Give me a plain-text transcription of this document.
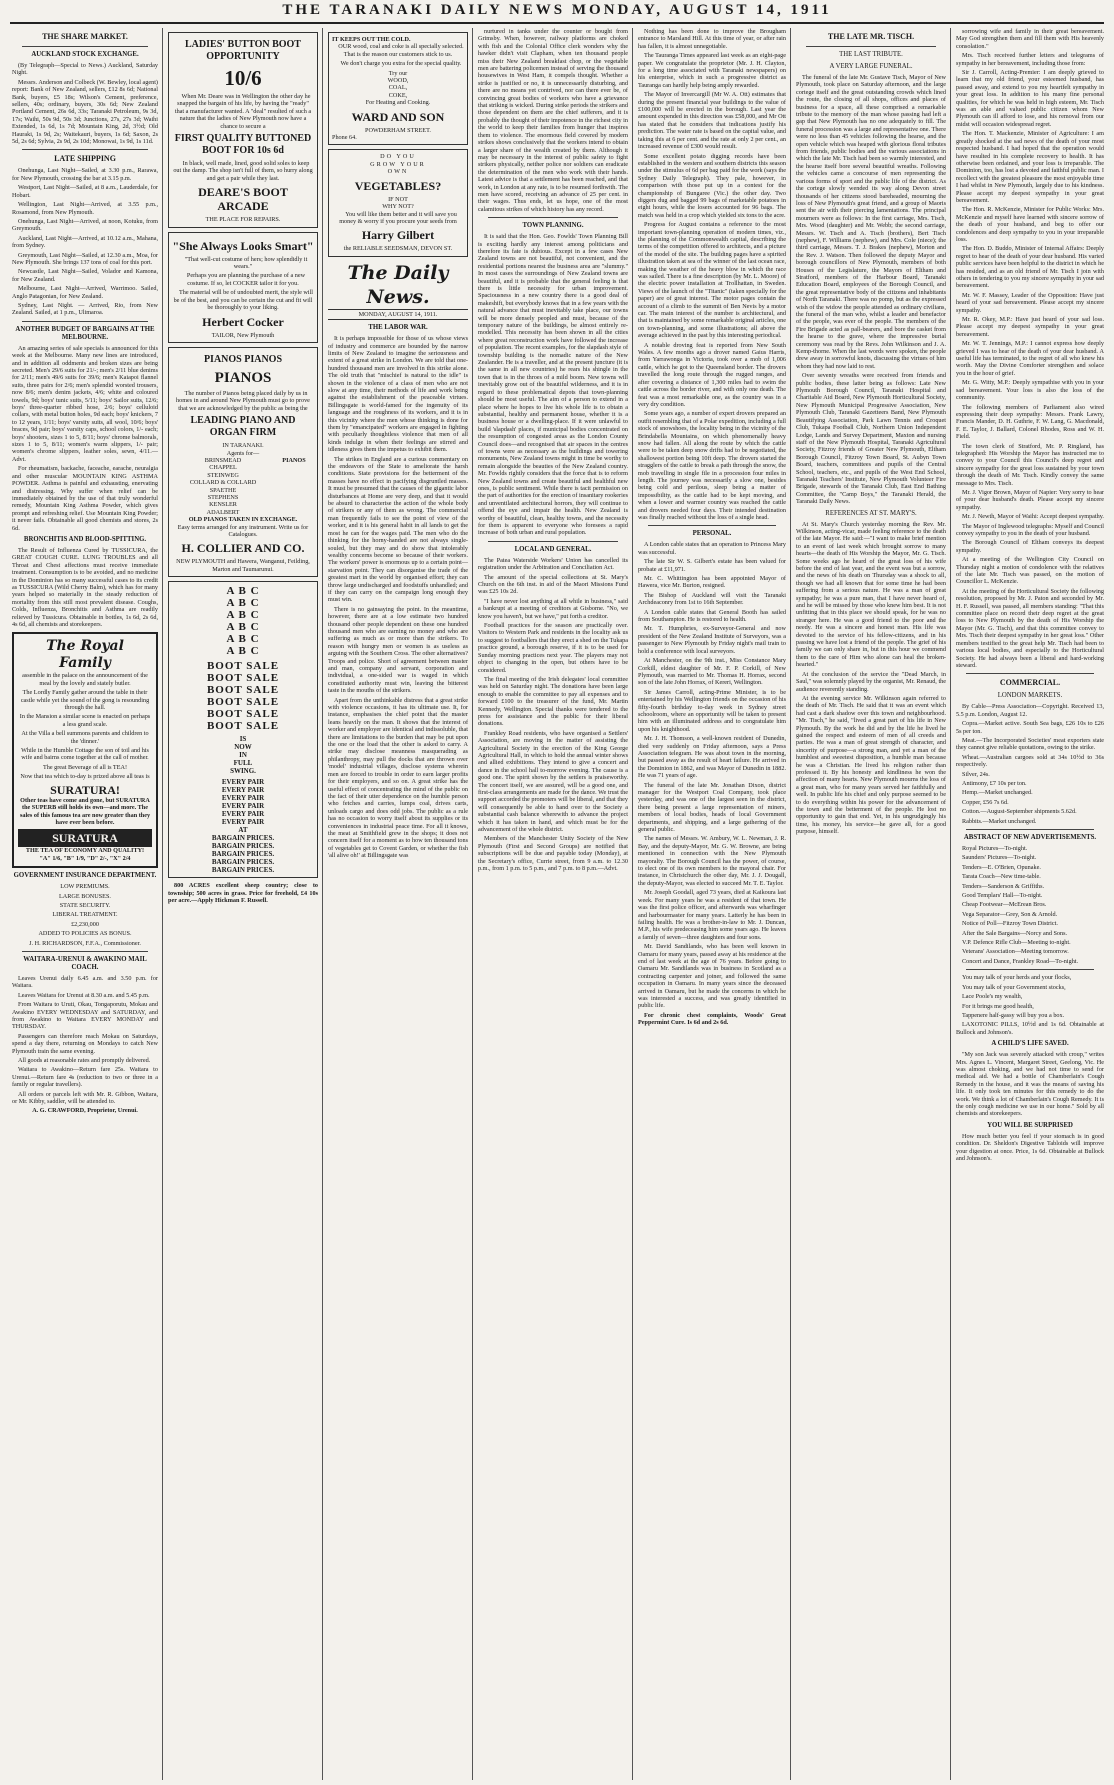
THE TARANAKI DAILY NEWS MONDAY, AUGUST 14, 1911
THE SHARE MARKET.
AUCKLAND STOCK EXCHANGE.

(By Telegraph—Special to News.) Auckland, Saturday Night.

Messrs. Anderson and Colbeck (W. Bewley, local agent) report: Bank of New Zealand, sellers, £12 8s 6d; National Bank, buyers, £5 18s; Wilson's Cement, preference, sellers, 40s; ordinary, buyers, 30s 6d; New Zealand Portland Cement, 26s 6d, 33s; Taranaki Petroleum, 9s 3d, 17s; Waihi, 50s 9d, 50s 3d; Junctions, 27s, 27s 3d; Waihi Extended, 1s 6d, 1s 7d; Mountain King, 2d, 3½d; Old Hauraki, 1s 9d, 2s; Waitekauri, buyers, 1s 6d; Saxon, 2s 5d, 2s 6d; Sylvia, 2s 9d, 2s 10d; Monowai, 1s 9d, 1s 11d.

LATE SHIPPING

Onehunga, Last Night—Sailed, at 3.30 p.m., Rarawa, for New Plymouth, crossing the bar at 3.15 p.m.

Westport, Last Night—Sailed, at 8 a.m., Lauderdale, for Hobart.

Wellington, Last Night—Arrived, at 3.55 p.m., Rosamond, from New Plymouth.

Onehunga, Last Night—Arrived, at noon, Kotuku, from Greymouth.

Auckland, Last Night—Arrived, at 10.12 a.m., Mahana, from Sydney.

Greymouth, Last Night—Sailed, at 12.30 a.m., Moa, for New Plymouth. She brings 137 tons of coal for this port.

Newcastle, Last Night—Sailed, Volador and Kamona, for New Zealand.

Melbourne, Last Night—Arrived, Warrimoo. Sailed, Anglo Patagonian, for New Zealand.

Sydney, Last Night. — Arrived, Rio, from New Zealand. Sailed, at 1 p.m., Ulimaroa.

ANOTHER BUDGET OF BARGAINS AT THE MELBOURNE.

An amazing series of sale specials is announced for this week at the Melbourne. Many new lines are introduced, and in addition all oddments and broken sizes are being secreted. Men's 29/6 suits for 21/-; men's 2/11 blue denims for 2/11; men's 49/6 suits for 39/6; men's Kaiapoi flannel suits, three pairs for 2/6; men's splendid worsted trousers, now 8/6; men's denim jackets, 4/6; white and coloured towels, 9d; boys' tunic suits, 5/11; boys' Sailor suits, 12/6; boys' three-quarter ribbed hose, 2/6; boys' celluloid collars, with metal button holes, 9d each; boys' knickers, 7 to 12 years, 1/11; boys' varsity suits, all wool, 10/6; boys' braces, 9d pair; boys' varsity caps, school colors, 1/- each; boys' shooters, sizes 1 to 5, 8/11; boys' chrome balmorals, sizes 1 to 5, 8/11; women's warm slippers, 1/- pair; women's chrome slippers, leather soles, sewn, 4/11.—Advt.

For rheumatism, backache, faceache, earache, neuralgia and other muscular MOUNTAIN KING ASTHMA POWDER. Asthma is painful and exhausting, enervating and distressing. Why suffer when relief can be immediately obtained by the use of that truly wonderful remedy, Mountain King Asthma Powder, which gives prompt and refreshing relief. Use Mountain King Powder; it never fails. Obtainable all good chemists and stores, 2s 6d.

BRONCHITIS AND BLOOD-SPITTING.

The Result of Influenza Cured by TUSSICURA, the GREAT COUGH CURE. LUNG TROUBLES and all Throat and Chest affections must receive immediate treatment. Consumption is to be avoided, and no medicine in the Dominion has so many successful cases to its credit as TUSSICURA (Wild Cherry Balm), which has for many years helped so materially in the steady reduction of mortality from this still most prevalent disease. Coughs, Colds, Influenza, Bronchitis and Asthma are readily relieved by Tussicura. Obtainable in bottles, 1s 6d, 2s 6d, 4s 6d, all chemists and storekeepers.

The Royal Family

assemble in the palace on the announcement of the meal by the lovely and stately butler.

The Lordly Family gather around the table in their castle while yet the sound of the gong is resounding through the hall.

In the Mansion a similar scene is enacted on perhaps a less grand scale.

At the Villa a bell summons parents and children to the 'dinner.'

While in the Humble Cottage the son of toil and his wife and bairns come together at the call of mother.

The great Beverage of all is TEA!

Now that tea which to-day is prized above all teas is

SURATURA!
Other teas have come and gone, but SURATURA the SUPERB still holds its own—and more. The sales of this famous tea are now greater than they have ever been before.
SURATURA
THE TEA OF ECONOMY AND QUALITY!
"A" 1/6, "B" 1/9, "D" 2/-, "X" 2/4
GOVERNMENT INSURANCE DEPARTMENT.

LOW PREMIUMS.

LARGE BONUSES.

STATE SECURITY.

LIBERAL TREATMENT.

£2,230,000

ADDED TO POLICIES AS BONUS.

J. H. RICHARDSON, F.F.A., Commissioner.

WAITARA-URENUI & AWAKINO MAIL COACH.

Leaves Urenui daily 6.45 a.m. and 3.50 p.m. for Waitara.

Leaves Waitara for Urenui at 8.30 a.m. and 5.45 p.m.

From Waitara to Uruti, Okau, Tongaporutu, Mokau and Awakino EVERY WEDNESDAY and SATURDAY, and from Awakino to Waitara EVERY MONDAY and THURSDAY.

Passengers can therefore reach Mokau on Saturdays, spend a day there, returning on Mondays to catch New Plymouth train the same evening.

All goods at reasonable rates and promptly delivered.

Waitara to Awakino—Return fare 25s. Waitara to Urenui.—Return fare 4s (reduction to two or three in a family or regular travellers).

All orders or parcels left with Mr. R. Gibbon, Waitara, or Mr. Kibby, saddler, will be attended to.

A. G. CRAWFORD, Proprietor, Urenui.
LADIES' BUTTON BOOT OPPORTUNITY
10/6

When Mr. Deare was in Wellington the other day he snapped the bargain of his life, by having the "ready" that a manufacturer wanted. A "deal" resulted of such a nature that the ladies of New Plymouth now have a chance to secure a

FIRST QUALITY BUTTONED BOOT FOR 10s 6d

In black, well made, lined, good solid soles to keep out the damp. The shop isn't full of them, so hurry along and get a pair while they last.

DEARE'S BOOT ARCADE
THE PLACE FOR REPAIRS.
"She Always Looks Smart"

"That well-cut costume of hers; how splendidly it wears."

Perhaps you are planning the purchase of a new costume. If so, let COCKER tailor it for you.

The material will be of undoubted merit, the style will be of the best, and you can be certain the cut and fit will be thoroughly to your liking.

Herbert Cocker
TAILOR, New Plymouth
PIANOS PIANOS
PIANOS

The number of Pianos being placed daily by us in homes in and around New Plymouth must go to prove that we are acknowledged by the public as being the

LEADING PIANO AND ORGAN FIRM
IN TARANAKI.
Agents for—
BRINSMEAD
CHAPPEL
STEINWEG
COLLARD & COLLARD
SPAETHE
STEPHENS
KENSLER
ADALBERT
PIANOS
OLD PIANOS TAKEN IN EXCHANGE.
Easy terms arranged for any instrument. Write us for Catalogues.
H. COLLIER AND CO.
NEW PLYMOUTH and Hawera, Wanganui, Feilding, Marton and Taumarunui.
A B C
A B C
A B C
A B C
A B C
A B C
BOOT SALE
BOOT SALE
BOOT SALE
BOOT SALE
BOOT SALE
BOOT SALE
IS
NOW
IN
FULL
SWING.
EVERY PAIR
EVERY PAIR
EVERY PAIR
EVERY PAIR
EVERY PAIR
EVERY PAIR
AT
BARGAIN PRICES.
BARGAIN PRICES.
BARGAIN PRICES.
BARGAIN PRICES.
BARGAIN PRICES.

800 ACRES excellent sheep country; close to township; 500 acres in grass. Price for freehold, £4 10s per acre.—Apply Hickman F. Russell.

IT KEEPS OUT THE COLD.

OUR wood, coal and coke is all specially selected. That is the reason our customers stick to us.

We don't charge you extra for the special quality.

Try our
WOOD,
COAL,
COKE,
For Heating and Cooking.
WARD AND SON
POWDERHAM STREET.
Phone 64.
DO YOU
GROW YOUR
OWN
VEGETABLES?
IF NOT
WHY NOT?

You will like them better and it will save you money & worry if you procure your seeds from

Harry Gilbert
the RELIABLE SEEDSMAN, DEVON ST.
The Daily News.
MONDAY, AUGUST 14, 1911.
THE LABOR WAR.

It is perhaps impossible for those of us whose views of industry and commerce are bounded by the narrow limits of New Zealand to imagine the seriousness and extent of a great strike in London. We are told that one-hundred thousand men are involved in this strike alone. The old truth that "mischief is natural to the idle" is shown in the violence of a class of men who are not slow at any time, their methods of life and work being against the establishment of the peaceable virtues. Billingsgate is world-famed for the ingenuity of its language and the roughness of its workers, and it is in this vicinity where the men whose thinking is done for them by "emancipated" workers are engaged in fighting with peculiarly thoughtless violence that men of all kinds indulge in when their feelings are stirred and idleness gives them the impetus to exhibit them.

The strikes in England are a curious commentary on the endeavors of the State to ameliorate the harsh conditions. State provisions for the betterment of the masses have no effect in pacifying disgruntled masses. It must be presumed that the causes of the gigantic labor disturbances at Home are very deep, and that it would be absurd to characterise the action of the whole body of strikers or any of them as wrong. The commercial man frequently fails to see the point of view of the worker, and it is his general habit in all lands to get the most he can for the wages paid. The men who do the thinking for the horny-handed are not always single-souled, but they may and do show that intolerably wealthy concerns become so because of their workers. The workers' power is enormous up to a certain point—starvation point. They can disorganise the trade of the greatest mart in the world by organised effort; they can throw large undischarged and foodstuffs unhandled; and if they can carry on the campaign long enough they must win.

There is no gainsaying the point. In the meantime, however, there are at a low estimate two hundred thousand other people dependent on these one hundred thousand men who are earning no money and who are suffering as much as or more than the strikers. To reason with hungry men or women is as useless as arguing with the Southern Cross. The other alternatives? Troops and police. Short of agreement between master and man, company and servant, corporation and individual, a one-sided war is waged in which constituted authority must win, leaving the bitterest taste in the mouths of the strikers.

Apart from the unthinkable distress that a great strike with violence occasions, it has its ultimate use. It, for instance, emphasises the chief point that the master leans heavily on the man. It shows that the interest of worker and employer are identical and indissoluble, that there are limitations to the burden that may be put upon the one or the load that the other is asked to carry. A strike may disclose meanness masquerading as philanthropy, may pull the docks that are thrown over 'model' industrial villages, disclose systems wherein men are forced to trouble in order to earn larger profits for their employers, and so on. A great strike has the useful effect of concentrating the mind of the public on the fact of their utter dependence on the humble person who fetches and carries, lumps coal, drives carts, unloads cargo and does odd jobs. The public as a rule has no occasion to worry itself about its supplies or its conveniences in industrial peace time. For all it knows, the meat at Smithfield grew in the shops; it does not concern itself for a moment as to how ten thousand tons of vegetables get to Covent Garden, or whether the fish 'all alive oh!' at Billingsgate was

nurtured in tanks under the counter or bought from Grimsby. When, however, railway platforms are choked with fish and the Colonial Office clerk wonders why the hawker didn't visit Clapham, when ten thousand people miss their New Zealand breakfast chop, or the vegetable men are battering policemen instead of serving the thousand housewives in West Ham, it compels thought. Whether a strike is justified or no, it is unnecessarily disturbing, and there are no means yet contrived, nor can there ever be, of convincing great bodies of workers who have a grievance that striking is wicked. During strike periods the strikers and those dependent on them are the chief sufferers, and it is probably the thought of their impotence in the richest city in the world to keep their families from hunger that inspires them to violence. The enormous field covered by modern strikes shows conclusively that the workers intend to obtain a larger share of the wealth created by them. Although it may be necessary in the interest of public safety to fight strikers physically, neither police nor soldiers can eradicate the determination of the men who work with their hands. Latest advice is that a settlement has been reached, and that work, in London at any rate, is to be resumed forthwith. The men have scored, receiving an advance of 25 per cent. in their wages. Thus ends, let us hope, one of the most calamitous strikes of which history has any record.

TOWN PLANNING.

It is said that the Hon. Geo. Fowlds' Town Planning Bill is exciting hardly any interest among politicians and therefore its fate is dubious. Except in a few cases New Zealand towns are not beautiful, not convenient, and the residential portions nearest the business area are "slummy." In most cases the surroundings of New Zealand towns are beautiful, and it is probable that the general feeling is that there is little necessity for urban improvement. Spaciousness in a new country there is a good deal of makeshift, but everybody knows that in a few years with the natural advance that must inevitably take place, our towns will be more densely peopled and must, because of the temporary nature of the buildings, be almost entirely re-modelled. This necessity has been shown in all the cities where great reconstruction work have followed the increase of population. The recent examples, for the slapdash style of township building is the nomadic nature of the New Zealander. He is a traveller, and at the present juncture (it is the same in all new countries) he rears his shingle in the town that is in the throes of a mild boom. New towns will inevitably grow out of the beautiful wilderness, and it is in regard to these problematical depots that town-planning should be most useful. The aim of a person to extend in a place where he hopes to live his whole life is to obtain a substantial, healthy and permanent house, whether it is a business house or a dwelling-place. If it were unlawful to build 'slapdash' places, if municipal bodies concentrated on the resumption of congested areas as the London County Council does—and recognised that air spaces in the centres of towns were as necessary as the buildings and towering monuments, New Zealand towns might in time be worthy to remain alongside the beauties of the New Zealand country. Mr. Fowlds rightly considers that the force that is to reform New Zealand towns and create beautiful and healthful new ones, is public sentiment. While there is tacit permission on the part of authorities for the erection of insanitary rookeries and unventilated architectural horrors, they will continue to offend the eye and impair the health. New Zealand is worthy of beautiful, clean, healthy towns, and the necessity for them is apparent to everyone who foresees a rapid increase of both urban and rural population.

LOCAL AND GENERAL.

The Patea Waterside Workers' Union has cancelled its registration under the Arbitration and Conciliation Act.

The amount of the special collections at St. Mary's Church on the 6th inst. in aid of the Maori Missions Fund was £25 10s 2d.

"I have never lost anything at all while in business," said a bankrupt at a meeting of creditors at Gisborne. "No, we know you haven't, but we have," put forth a creditor.

Football practices for the season are practically over. Visitors to Western Park and residents in the locality ask us to suggest to footballers that they erect a shed on the Tukapa practice ground, a borough reserve, if it is to be used for Sunday morning practices next year. The players may not object to changing in the open, but others have to be considered.

The final meeting of the Irish delegates' local committee was held on Saturday night. The donations have been large enough to enable the committee to pay all expenses and to forward £100 to the treasurer of the fund, Mr. Martin Kennedy, Wellington. Special thanks were tendered to the press for assistance and the public for their liberal donations.

Frankley Road residents, who have organised a Settlers' Association, are moving in the matter of assisting the Agricultural Society in the erection of the King George Agricultural Hall, in which to hold the annual winter shows and allied exhibitions. They intend to give a concert and dance in the school hall to-morrow evening. The cause is a good one. The spirit shown by the settlers is praiseworthy. The concert itself, we are assured, will be a good one, and first-class arrangements are made for the dance. We trust the support accorded the promoters will be liberal, and that they will consequently be able to hand over to the Society a substantial cash balance wherewith to advance the project which it has taken in hand, and which must be for the advancement of the whole district.

Members of the Manchester Unity Society of the New Plymouth (First and Second Groups) are notified that subscriptions will be due and payable today (Monday), at the Secretary's office, Currie street, from 9 a.m. to 12.30 p.m., from 1 p.m. to 5 p.m., and 7 p.m. to 8 p.m.—Advt.

Nothing has been done to improve the Brougham entrance to Marsland Hill. At this time of year, or after rain has fallen, it is almost unnegotiable.

The Tauranga Times appeared last week as an eight-page paper. We congratulate the proprietor (Mr. J. H. Clayton, for a long time associated with Taranaki newspapers) on his enterprise, which in such a progressive district as Tauranga can hardly help being amply rewarded.

The Mayor of Invercargill (Mr W. A. Ott) estimates that during the present financial year buildings to the value of £100,000 will be erected in the borough. Last year the amount expended in this direction was £58,000, and Mr Ott has stated that he considers that indications justify his prediction. The water rate is based on the capital value, and taking this at 6 per cent. and the rate at only 2 per cent., an increased revenue of £300 would result.

Some excellent potato digging records have been established in the western and southern districts this season under the stimulus of 6d per bag paid for the work (says the Sydney Daily Telegraph). They pale, however, in comparison with those put up in a contest for the championship of Bungaree (Vic.) the other day. Two diggers dug and bagged 99 bags of marketable potatoes in eight hours, while the losers accounted for 96 bags. The match was held in a crop which yielded six tons to the acre.

Progress for August contains a reference to the most important town-planning operation of modern times, viz., the planning of the Commonwealth capital, describing the terms of the competition offered to architects, and a picture of the model of the site. The building pages have a spirited illustration taken at sea of the winner of the last ocean race, making the weather of the heavy blow in which the race was sailed. There is a fine description (by Mr. L. Moore) of the electric power installation at Trollhattan, in Sweden. Views of the launch of the "Titanic" (taken specially for the paper) are of great interest. The motor pages contain the account of a climb to the summit of Ben Nevis by a motor car. The main interest of the number is architectural, and that is maintained by some remarkable original articles, one on town-planning, and some illustrations; all above the average achieved in the past by this interesting periodical.

A notable droving feat is reported from New South Wales. A few months ago a drover named Gaius Harris, from Yarrawonga in Victoria, took over a mob of 1,006 cattle, which he got to the Queensland border. The drovers travelled the long route through the rugged ranges, and after covering a distance of 1,300 miles had to swim the cattle across the border river, and with only one death. The feat was a most remarkable one, as the country was in a very dry condition.

Some years ago, a number of expert drovers prepared an outfit resembling that of a Polar expedition, including a full stock of snowshoes, the locality being in the vicinity of the Brindabella Mountains, on which phenomenally heavy snow had fallen. All along the route by which the cattle were to be taken deep snow drifts had to be negotiated, the shallowest portion being 10ft deep. The drovers started the stragglers of the cattle to break a path through the snow, the mob travelling in single file in a procession four miles in length. The journey was necessarily a slow one, besides being cold and perilous, sleep being a matter of impossibility, as the cattle had to be kept moving, and when a lower and warmer country was reached the cattle and drovers needed four days. Their intended destination was finally reached without the loss of a single head.

PERSONAL.

A London cable states that an operation to Princess Mary was successful.

The late Sir W. S. Gilbert's estate has been valued for probate at £11,971.

Mr. C. Whittington has been appointed Mayor of Hawera, vice Mr. Burton, resigned.

The Bishop of Auckland will visit the Taranaki Archdeaconry from 1st to 16th September.

A London cable states that General Booth has sailed from Southampton. He is restored to health.

Mr. T. Humphries, ex-Surveyor-General and now president of the New Zealand Institute of Surveyors, was a passenger to New Plymouth by Friday night's mail train to hold a conference with local surveyors.

At Manchester, on the 9th inst., Miss Constance Mary Corkill, eldest daughter of Mr. F. P. Corkill, of New Plymouth, was married to Mr. Thomas H. Horrax, second son of the late John Horrax, of Kereri, Wellington.

Sir James Carroll, acting-Prime Minister, is to be entertained by his Wellington friends on the occasion of his fifty-fourth birthday to-day week in Sydney street schoolroom, where an opportunity will be taken to present him with an illuminated address and to congratulate him upon his knighthood.

Mr. J. H. Thomson, a well-known resident of Dunedin, died very suddenly on Friday afternoon, says a Press Association telegram. He was about town in the morning, but passed away as the result of heart failure. He arrived in the Dominion in 1862, and was Mayor of Dunedin in 1882. He was 71 years of age.

The funeral of the late Mr. Jonathan Dixon, district manager for the Westport Coal Company, took place yesterday, and was one of the largest seen in the district, there being present a large representation of miners, members of local bodies, heads of local Government departments, and shipping, and a large gathering of the general public.

The names of Messrs. W. Ambury, W. L. Newman, J. R. Bay, and the deputy-Mayor, Mr. G. W. Browne, are being mentioned in connection with the New Plymouth mayoralty. The Borough Council has the power, of course, to elect one of its own members to the mayoral chair. For instance, in Christchurch the other day, Mr. J. J. Dougall, the deputy-Mayor, was elected to succeed Mr. T. E. Taylor.

Mr. Joseph Goodall, aged 73 years, died at Kaikoura last week. For many years he was a resident of that town. He was the first police officer, and afterwards was wharfinger and harbourmaster for many years. Latterly he has been in failing health. He was a brother-in-law to Mr. J. Duncan, M.P., his wife predeceasing him some years ago. He leaves a family of seven—three daughters and four sons.

Mr. David Sandilands, who has been well known in Oamaru for many years, passed away at his residence at the end of last week at the age of 76 years. Before going to Oamaru Mr. Sandilands was in business in Scotland as a contracting carpenter and joiner, and followed the same occupation in Oamaru. In many years since the deceased arrived in Oamaru, but he made the concerns in which he was interested a success, and was greatly identified in public life.

For chronic chest complaints, Woods' Great Peppermint Cure. Is 6d and 2s 6d.

THE LATE MR. TISCH.
THE LAST TRIBUTE.
A VERY LARGE FUNERAL.

The funeral of the late Mr. Gustave Tisch, Mayor of New Plymouth, took place on Saturday afternoon, and the large cortege itself and the great outstanding crowds which lined the route, the closing of all shops, offices and places of business for a space, all these comprised a remarkable tribute to the memory of the man whose passing had left a gap that New Plymouth has no one adequately to fill. The funeral procession was a large and representative one. There were no less than 45 vehicles following the hearse, and the open vehicle which was heaped with glorious floral tributes from friends, public bodies and the various associations in which the late Mr. Tisch had been so warmly interested, and the hearse itself bore several beautiful wreaths. Following the vehicles came a concourse of men representing the various forms of sport and the public life of the district. As the cortege slowly wended its way along Devon street thousands of her citizens stood bareheaded, mourning the loss of New Plymouth's great friend, and a group of Maoris sent the air with their piercing lamentations. The principal mourners were as follows: In the first carriage, Mrs. Tisch, Mrs. Wood (daughter) and Mr. Webb; the second carriage, Messrs. W. Tisch and A. Tisch (brothers), Bert Tisch (nephew), F. Williams (nephew), and Mrs. Cole (niece); the third carriage, Messrs. T. J. Brakes (nephew), Morton and the Rev. J. Watson. Then followed the deputy Mayor and borough councillors of New Plymouth, members of both Houses of the Legislature, the Mayors of Eltham and Stratford, members of the Harbour Board, Taranaki Education Board, employees of the Borough Council, and the great representative body of the citizens and inhabitants of North Taranaki. There was no pomp, but as the expressed wish of the widow the people attended as ordinary civilians, the funeral of the man who, whilst a leader and benefactor of the people, was ever of the people. The members of the Fire Brigade acted as pall-bearers, and bore the casket from the hearse to the grave, where the impressive burial ceremony was read by the Revs. John Wilkinson and J. A. Kemp-thorne. When the last words were spoken, the people drew away in sorrowful knots, discussing the virtues of him whom they had now laid to rest.

Over seventy wreaths were received from friends and public bodies, these latter being as follows: Late New Plymouth Borough Council, Taranaki Hospital and Charitable Aid Board, New Plymouth Horticultural Society, New Plymouth Municipal Progressive Association, New Plymouth Club, Taranaki Gazetteers Band, New Plymouth Beautifying Association, Park Lawn Tennis and Croquet Club, Tukapa Football Club, Northern Union Independent Lodge, Lands and Survey Department, Maxton and nursing staff of the New Plymouth Hospital, Taranaki Agricultural Society, Fitzroy friends of Greater New Plymouth, Eltham Borough Council, Fitzroy Town Board, St. Aubyn Town Board, teachers, committees and pupils of the Central School, teachers, etc., and pupils of the West End School, Taranaki Teachers' Institute, New Plymouth Volunteer Fire Brigade, stewards of the Taranaki Club, East End Bathing Committee, the "Camp Boys," the Taranaki Herald, the Taranaki Daily News.

REFERENCES AT ST. MARY'S.

At St. Mary's Church yesterday morning the Rev. Mr. Wilkinson, acting-vicar, made feeling reference to the death of the late Mayor. He said:—"I want to make brief mention to an event of last week which brought sorrow to many hearts—the death of His Worship the Mayor, Mr. G. Tisch. Some weeks ago he heard of the great loss of his wife before the end of last year, and the event was but a sorrow, and the news of his death on Thursday was a shock to all, though we had all known that for some time he had been suffering from a serious nature. He was a man of great sympathy; he was a pure man, that I have never heard of, and he will be missed by those who knew him best. It is not unfitting that in this place we should speak, for he was no stranger here. He was a good friend to the poor and the needy. He was a sincere and honest man. His life was devoted to the service of his fellow-citizens, and in his passing we have lost a friend of the people. The grief of his family we can only share in, but in this hour we commend them to the care of Him who alone can heal the broken-hearted."

At the conclusion of the service the "Dead March, in Saul," was solemnly played by the organist, Mr. Renaud, the audience reverently standing.

At the evening service Mr. Wilkinson again referred to the death of Mr. Tisch. He said that it was an event which had cast a dark shadow over this town and neighbourhood. "Mr. Tisch," he said, "lived a great part of his life in New Plymouth. By the work he did and by the life he lived he gained the respect and esteem of men of all creeds and parties. He was a man of great strength of character, and sincerity of purpose—a strong man, and yet a man of the humblest and sweetest disposition, a humble man because he was a Christian. He lived his religion rather than professed it. By his honesty and kindliness he won the affection of many hearts. New Plymouth mourns the loss of a great man, who for many years served her faithfully and well. In public life his chief and only purpose seemed to be to do everything within his power for the advancement of the town and the betterment of the people. He lost no opportunity to gain that end. Yet, in his ungrudgingly his time, his money, his service—he gave all, for a good purpose, himself.

sorrowing wife and family in their great bereavement. May God strengthen them and fill them with His heavenly consolation."

Mrs. Tisch received further letters and telegrams of sympathy in her bereavement, including those from:

Sir J. Carroll, Acting-Premier: I am deeply grieved to learn that my old friend, your esteemed husband, has passed away, and extend to you my heartfelt sympathy in your great loss. In addition to his many fine personal qualities, for which he was held in high esteem, Mr. Tisch was an able and valued public citizen whom New Plymouth can ill afford to lose, and his removal from our midst will occasion widespread regret.

The Hon. T. Mackenzie, Minister of Agriculture: I am greatly shocked at the sad news of the death of your most respected husband. I had hoped that the operation would have resulted in his complete recovery to health. It has otherwise been ordained, and your loss is irreparable. The Dominion, too, has lost a devoted and faithful public man. I recollect with the greatest pleasure the most enjoyable time I had whilst in New Plymouth, largely due to his kindness. Please accept my deepest sympathy in your great bereavement.

The Hon. R. McKenzie, Minister for Public Works: Mrs. McKenzie and myself have learned with sincere sorrow of the death of your husband, and beg to offer our condolences and deep sympathy to you in your irreparable loss.

The Hon. D. Buddo, Minister of Internal Affairs: Deeply regret to hear of the death of your dear husband. His varied public services have been helpful to the district in which he has resided, and as an old friend of Mr. Tisch I join with others in tendering to you my sincere sympathy in your sad bereavement.

Mr. W. F. Massey, Leader of the Opposition: Have just heard of your sad bereavement. Please accept my sincere sympathy.

Mr. R. Okey, M.P.: Have just heard of your sad loss. Please accept my deepest sympathy in your great bereavement.

Mr. W. T. Jennings, M.P.: I cannot express how deeply grieved I was to hear of the death of your dear husband. A useful life has terminated, to the regret of all who knew his worth. May the Divine Comforter strengthen and solace you in the hour of grief.

Mr. G. Witty, M.P.: Deeply sympathise with you in your sad bereavement. Your loss is also the loss of the community.

The following members of Parliament also wired expressing their deep sympathy: Messrs. Frank Lawry, Francis Mander, D. H. Guthrie, F. W. Lang, G. Macdonald, F. E. Taylor, J. Ballard, Colonel Rhodes, Ross and W. H. Field.

The town clerk of Stratford, Mr. P. Ringland, has telegraphed: His Worship the Mayor has instructed me to convey to your Council this Council's deep regret and sincere sympathy for the great loss sustained by your town through the death of Mr. Tisch. Kindly convey the same message to Mrs. Tisch.

Mr. J. Vigor Brown, Mayor of Napier: Very sorry to hear of your dear husband's death. Please accept my sincere sympathy.

Mr. J. Newth, Mayor of Waihi: Accept deepest sympathy.

The Mayor of Inglewood telegraphs: Myself and Council convey sympathy to you in the death of your husband.

The Borough Council of Eltham conveys its deepest sympathy.

At a meeting of the Wellington City Council on Thursday night a motion of condolence with the relatives of the late Mr. Tisch was passed, on the motion of Councillor L. McKenzie.

At the meeting of the Horticultural Society the following resolution, proposed by Mr. J. Paton and seconded by Mr. H. F. Russell, was passed, all members standing: "That this committee place on record their deep regret at the great loss to New Plymouth by the death of His Worship the Mayor (Mr. G. Tisch), and that this committee convey to Mrs. Tisch their deepest sympathy in her great loss." Other members testified to the great help Mr. Tisch had been to various local bodies, and especially to the Horticultural Society. He had always been a liberal and hard-working steward.

COMMERCIAL.
LONDON MARKETS.

By Cable—Press Association—Copyright. Received 13, 5.5 p.m. London, August 12.

Copra.—Market active. South Sea bags, £26 10s to £26 5s per ton.

Meat.—The Incorporated Societies' meat exporters state they cannot give reliable quotations, owing to the strike.

Wheat.—Australian cargoes sold at 34s 10½d to 36s respectively.

Silver, 24s.

Antimony, £7 10s per ton.

Hemp.—Market unchanged.

Copper, £56 7s 6d.

Cotton.—August-September shipments 5.62d.

Rabbits.—Market unchanged.

ABSTRACT OF NEW ADVERTISEMENTS.

Royal Pictures—To-night.

Saunders' Pictures—To-night.

Tenders—E. O'Brien, Opunake.

Tarata Coach—New time-table.

Tenders—Sanderson & Griffiths.

Good Templars' Hall—To-night.

Cheap Footwear—McErean Bros.

Vega Separator—Grey, Son & Arnold.

Notice of Poll—Fitzroy Town District.

After the Sale Bargains—Norcy and Sons.

V.P. Defence Rifle Club—Meeting to-night.

Veterans' Association—Meeting tomorrow.

Concert and Dance, Frankley Road—To-night.

You may talk of your herds and your flocks,

You may talk of your Government stocks,

Lace Poole's my wealth,

For it brings me good health,

Tappenere half-gassy will buy you a box.

LAXOTONIC PILLS, 10½d and 1s 6d. Obtainable at Bullock and Johnson's.

A CHILD'S LIFE SAVED.

"My son Jack was severely attacked with croup," writes Mrs. Agnes L. Vincent, Margaret Street, Geelong, Vic. He was almost choking, and we had not time to send for medical aid. We had a bottle of Chamberlain's Cough Remedy in the house, and it was the means of saving his life. It only took ten minutes for this remedy to do the work. We think a lot of Chamberlain's Cough Remedy. It is the only cough medicine we use in our home." Sold by all chemists and storekeepers.

YOU WILL BE SURPRISED

How much better you feel if your stomach is in good condition. Dr. Sheldon's Digestive Tabloids will improve your digestion at once. Price, 1s 6d. Obtainable at Bullock and Johnson's.
